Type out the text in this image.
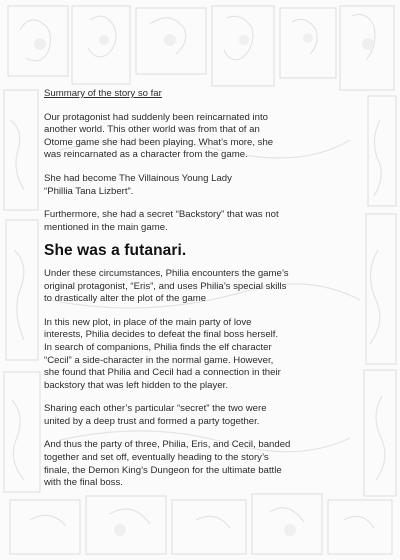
Summary of the story so far
Our protagonist had suddenly been reincarnated into
another world. This other world was from that of an
Otome game she had been playing. What’s more, she
was reincarnated as a character from the game.
She had become The Villainous Young Lady
“Phillia Tana Lizbert”.
Furthermore, she had a secret “Backstory” that was not
mentioned in the main game.
She was a futanari.
Under these circumstances, Philia encounters the game’s
original protagonist, “Eris”, and uses Philia’s special skills
to drastically alter the plot of the game
In this new plot, in place of the main party of love
interests, Philia decides to defeat the final boss herself.
In search of companions, Philia finds the elf character
“Cecil” a side-character in the normal game. However,
she found that Philia and Cecil had a connection in their
backstory that was left hidden to the player.
Sharing each other’s particular “secret” the two were
united by a deep trust and formed a party together.
And thus the party of three, Philia, Eris, and Cecil, banded
together and set off, eventually heading to the story’s
finale, the Demon King’s Dungeon for the ultimate battle
with the final boss.
